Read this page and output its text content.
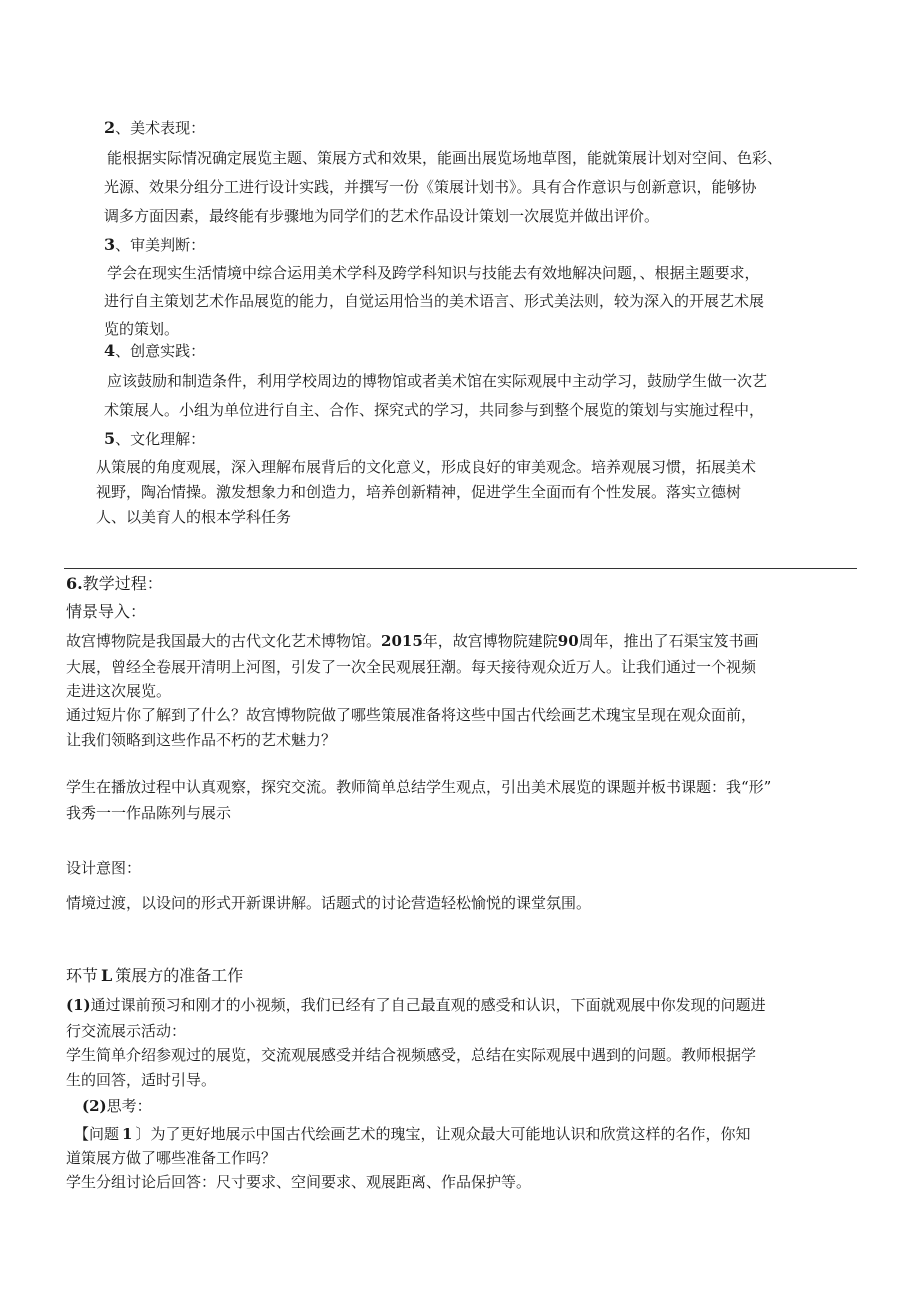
2、美术表现：
能根据实际情况确定展览主题、策展方式和效果，能画出展览场地草图，能就策展计划对空间、色彩、
光源、效果分组分工进行设计实践，并撰写一份《策展计划书》。具有合作意识与创新意识，能够协
调多方面因素，最终能有步骤地为同学们的艺术作品设计策划一次展览并做出评价。
3、审美判断：
学会在现实生活情境中综合运用美术学科及跨学科知识与技能去有效地解决问题，、根据主题要求，
进行自主策划艺术作品展览的能力，自觉运用恰当的美术语言、形式美法则，较为深入的开展艺术展
览的策划。
4、创意实践：
应该鼓励和制造条件，利用学校周边的博物馆或者美术馆在实际观展中主动学习，鼓励学生做一次艺
术策展人。小组为单位进行自主、合作、探究式的学习，共同参与到整个展览的策划与实施过程中，
5、文化理解：
从策展的角度观展，深入理解布展背后的文化意义，形成良好的审美观念。培养观展习惯，拓展美术
视野，陶冶情操。激发想象力和创造力，培养创新精神，促进学生全面而有个性发展。落实立德树
人、以美育人的根本学科任务
6.教学过程：
情景导入：
故宫博物院是我国最大的古代文化艺术博物馆。2015年，故宫博物院建院90周年，推出了石渠宝笈书画
大展，曾经全卷展开清明上河图，引发了一次全民观展狂潮。每天接待观众近万人。让我们通过一个视频
走进这次展览。
通过短片你了解到了什么？故宫博物院做了哪些策展准备将这些中国古代绘画艺术瑰宝呈现在观众面前，
让我们领略到这些作品不朽的艺术魅力？
学生在播放过程中认真观察，探究交流。教师简单总结学生观点，引出美术展览的课题并板书课题：我“形”
我秀一一作品陈列与展示
设计意图：
情境过渡，以设问的形式开新课讲解。话题式的讨论营造轻松愉悦的课堂氛围。
环节 L 策展方的准备工作
(1)通过课前预习和刚才的小视频，我们已经有了自己最直观的感受和认识，下面就观展中你发现的问题进
行交流展示活动：
学生简单介绍参观过的展览，交流观展感受并结合视频感受，总结在实际观展中遇到的问题。教师根据学
生的回答，适时引导。
(2)思考：
【问题 1 〕为了更好地展示中国古代绘画艺术的瑰宝，让观众最大可能地认识和欣赏这样的名作，你知
道策展方做了哪些准备工作吗？
学生分组讨论后回答：尺寸要求、空间要求、观展距离、作品保护等。
